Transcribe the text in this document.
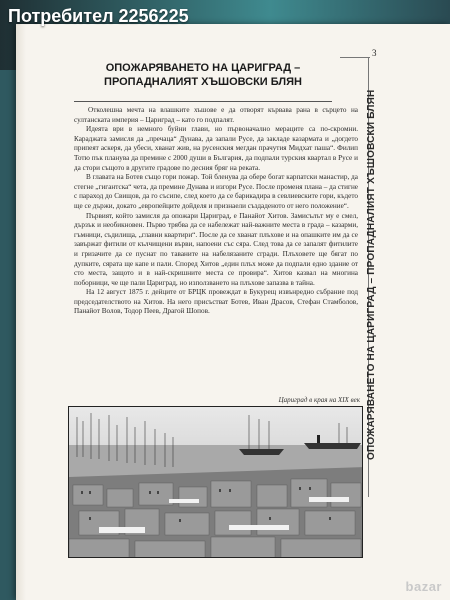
Потребител 2256225
3
ОПОЖАРЯВАНЕТО НА ЦАРИГРАД – ПРОПАДНАЛИЯТ ХЪШОВСКИ БЛЯН
ОПОЖАРЯВАНЕТО НА ЦАРИГРАД –
ПРОПАДНАЛИЯТ ХЪШОВСКИ БЛЯН

Отколешна мечта на влашките хъшове е да отворят кървава рана в сърцето на султанската империя – Цариград – като го подпалят.

Идеята ври в немного буйни глави, но първоначално мераците са по-скромни. Караджата замисля да „пречаца“ Дунава, да запали Русе, да закладе казармата и „догдето припеят аскеря, да убеси, хванат жив, на русенския мегдан прачутия Мидхат паша“. Филип Тотю пък планува да премине с 2000 души в България, да подпали турския квартал в Русе и да стори същото в другите градове по десния бряг на реката.

В главата на Ботев също гори пожар. Той бленува да обере богат карпатски манастир, да стегне „гигантска“ чета, да премине Дунава и изгори Русе. После променя плана – да стигне с параход до Свищов, да го съсипе, след което да се барикадира в севлиевските гори, където ще се държи, докато „европейците дойделя и признаели създаденото от него положение“.

Първият, който замисля да опожари Цариград, е Панайот Хитов. Замисълът му е смел, дързък и необикновен. Първо трябва да се набележат най-важните места в града – казарми, гъмници, съдилища, „главни квартири“. После да се хванат плъхове и на опашките им да се завържат фитили от кълчищени върви, напоени със сяра. След това да се запалят фитилите и гризачите да се пуснат по таваните на набелязаните сгради. Плъховете ще бягат по дупките, сярата ще капе и пали. Според Хитов „един плъх може да подпали едно здание от сто места, защото и в най-скришните места се провира“. Хитов казвал на многина поборници, че ще пали Цариград, но използването на плъхове запазва в тайна.

На 12 август 1875 г. дейците от БРЦК провеждат в Букурещ извънредно събрание под председателството на Хитов. На него присъстват Ботев, Иван Драсов, Стефан Стамболов, Панайот Волов, Тодор Пеев, Драгой Шопов.

Цариград в края на XIX век
bazar
